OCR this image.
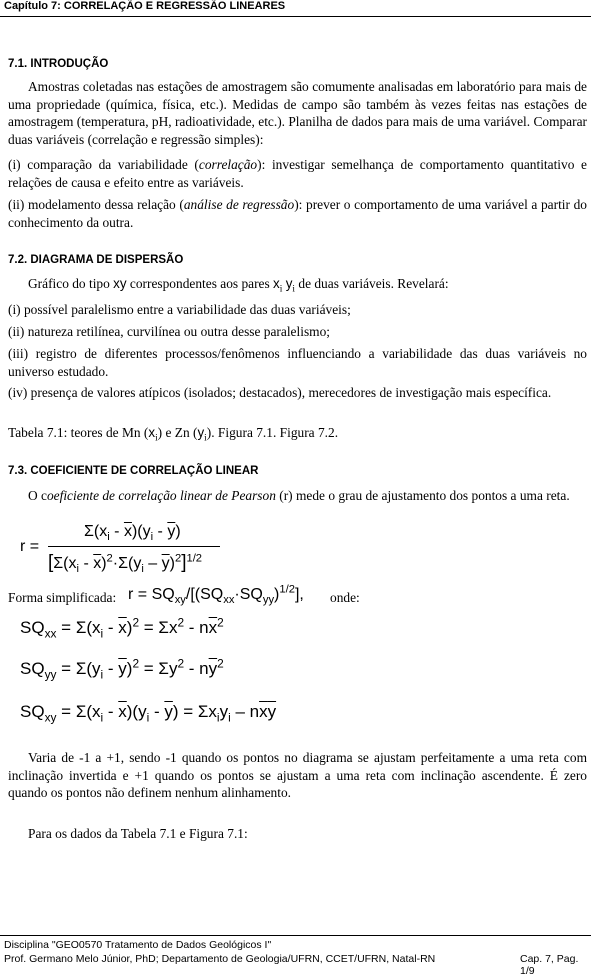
Capítulo 7: CORRELAÇÃO E REGRESSÃO LINEARES
7.1. INTRODUÇÃO
Amostras coletadas nas estações de amostragem são comumente analisadas em laboratório para mais de uma propriedade (química, física, etc.). Medidas de campo são também às vezes feitas nas estações de amostragem (temperatura, pH, radioatividade, etc.). Planilha de dados para mais de uma variável. Comparar duas variáveis (correlação e regressão simples):
(i) comparação da variabilidade (correlação): investigar semelhança de comportamento quantitativo e relações de causa e efeito entre as variáveis.
(ii) modelamento dessa relação (análise de regressão): prever o comportamento de uma variável a partir do conhecimento da outra.
7.2. DIAGRAMA DE DISPERSÃO
Gráfico do tipo xy correspondentes aos pares $x_i$ $y_i$ de duas variáveis. Revelará:
(i) possível paralelismo entre a variabilidade das duas variáveis;
(ii) natureza retilínea, curvilínea ou outra desse paralelismo;
(iii) registro de diferentes processos/fenômenos influenciando a variabilidade das duas variáveis no universo estudado.
(iv) presença de valores atípicos (isolados; destacados), merecedores de investigação mais específica.
Tabela 7.1: teores de Mn $(x_i)$ e Zn $(y_i)$. Figura 7.1. Figura 7.2.
7.3. COEFICIENTE DE CORRELAÇÃO LINEAR
O coeficiente de correlação linear de Pearson (r) mede o grau de ajustamento dos pontos a uma reta.
r =
$\Sigma(x_i - \overline{x})(y_i - \overline{y})$
$[\Sigma(x_i - \overline{x})^2\cdot\Sigma(y_i - \overline{y})^2]^{1/2}$
Forma simplificada: $r = SQ_{xy}/[(SQ_{xx}\cdot SQ_{yy})^{1/2}]$, onde:
$SQ_{xx} = \Sigma(x_i - \overline{x})^2 = \Sigma x^2 - n\overline{x}^2$
$SQ_{yy} = \Sigma(y_i - \overline{y})^2 = \Sigma y^2 - n\overline{y}^2$
$SQ_{xy} = \Sigma(x_i - \overline{x})(y_i - \overline{y}) = \Sigma x_iy_i - n\overline{x}\overline{y}$
Varia de -1 a +1, sendo -1 quando os pontos no diagrama se ajustam perfeitamente a uma reta com inclinação invertida e +1 quando os pontos se ajustam a uma reta com inclinação ascendente. É zero quando os pontos não definem nenhum alinhamento.
Para os dados da Tabela 7.1 e Figura 7.1:
Disciplina "GEO0570 Tratamento de Dados Geológicos I"
Prof. Germano Melo Júnior, PhD; Departamento de Geologia/UFRN, CCET/UFRN, Natal-RN	Cap. 7, Pag. 1/9
